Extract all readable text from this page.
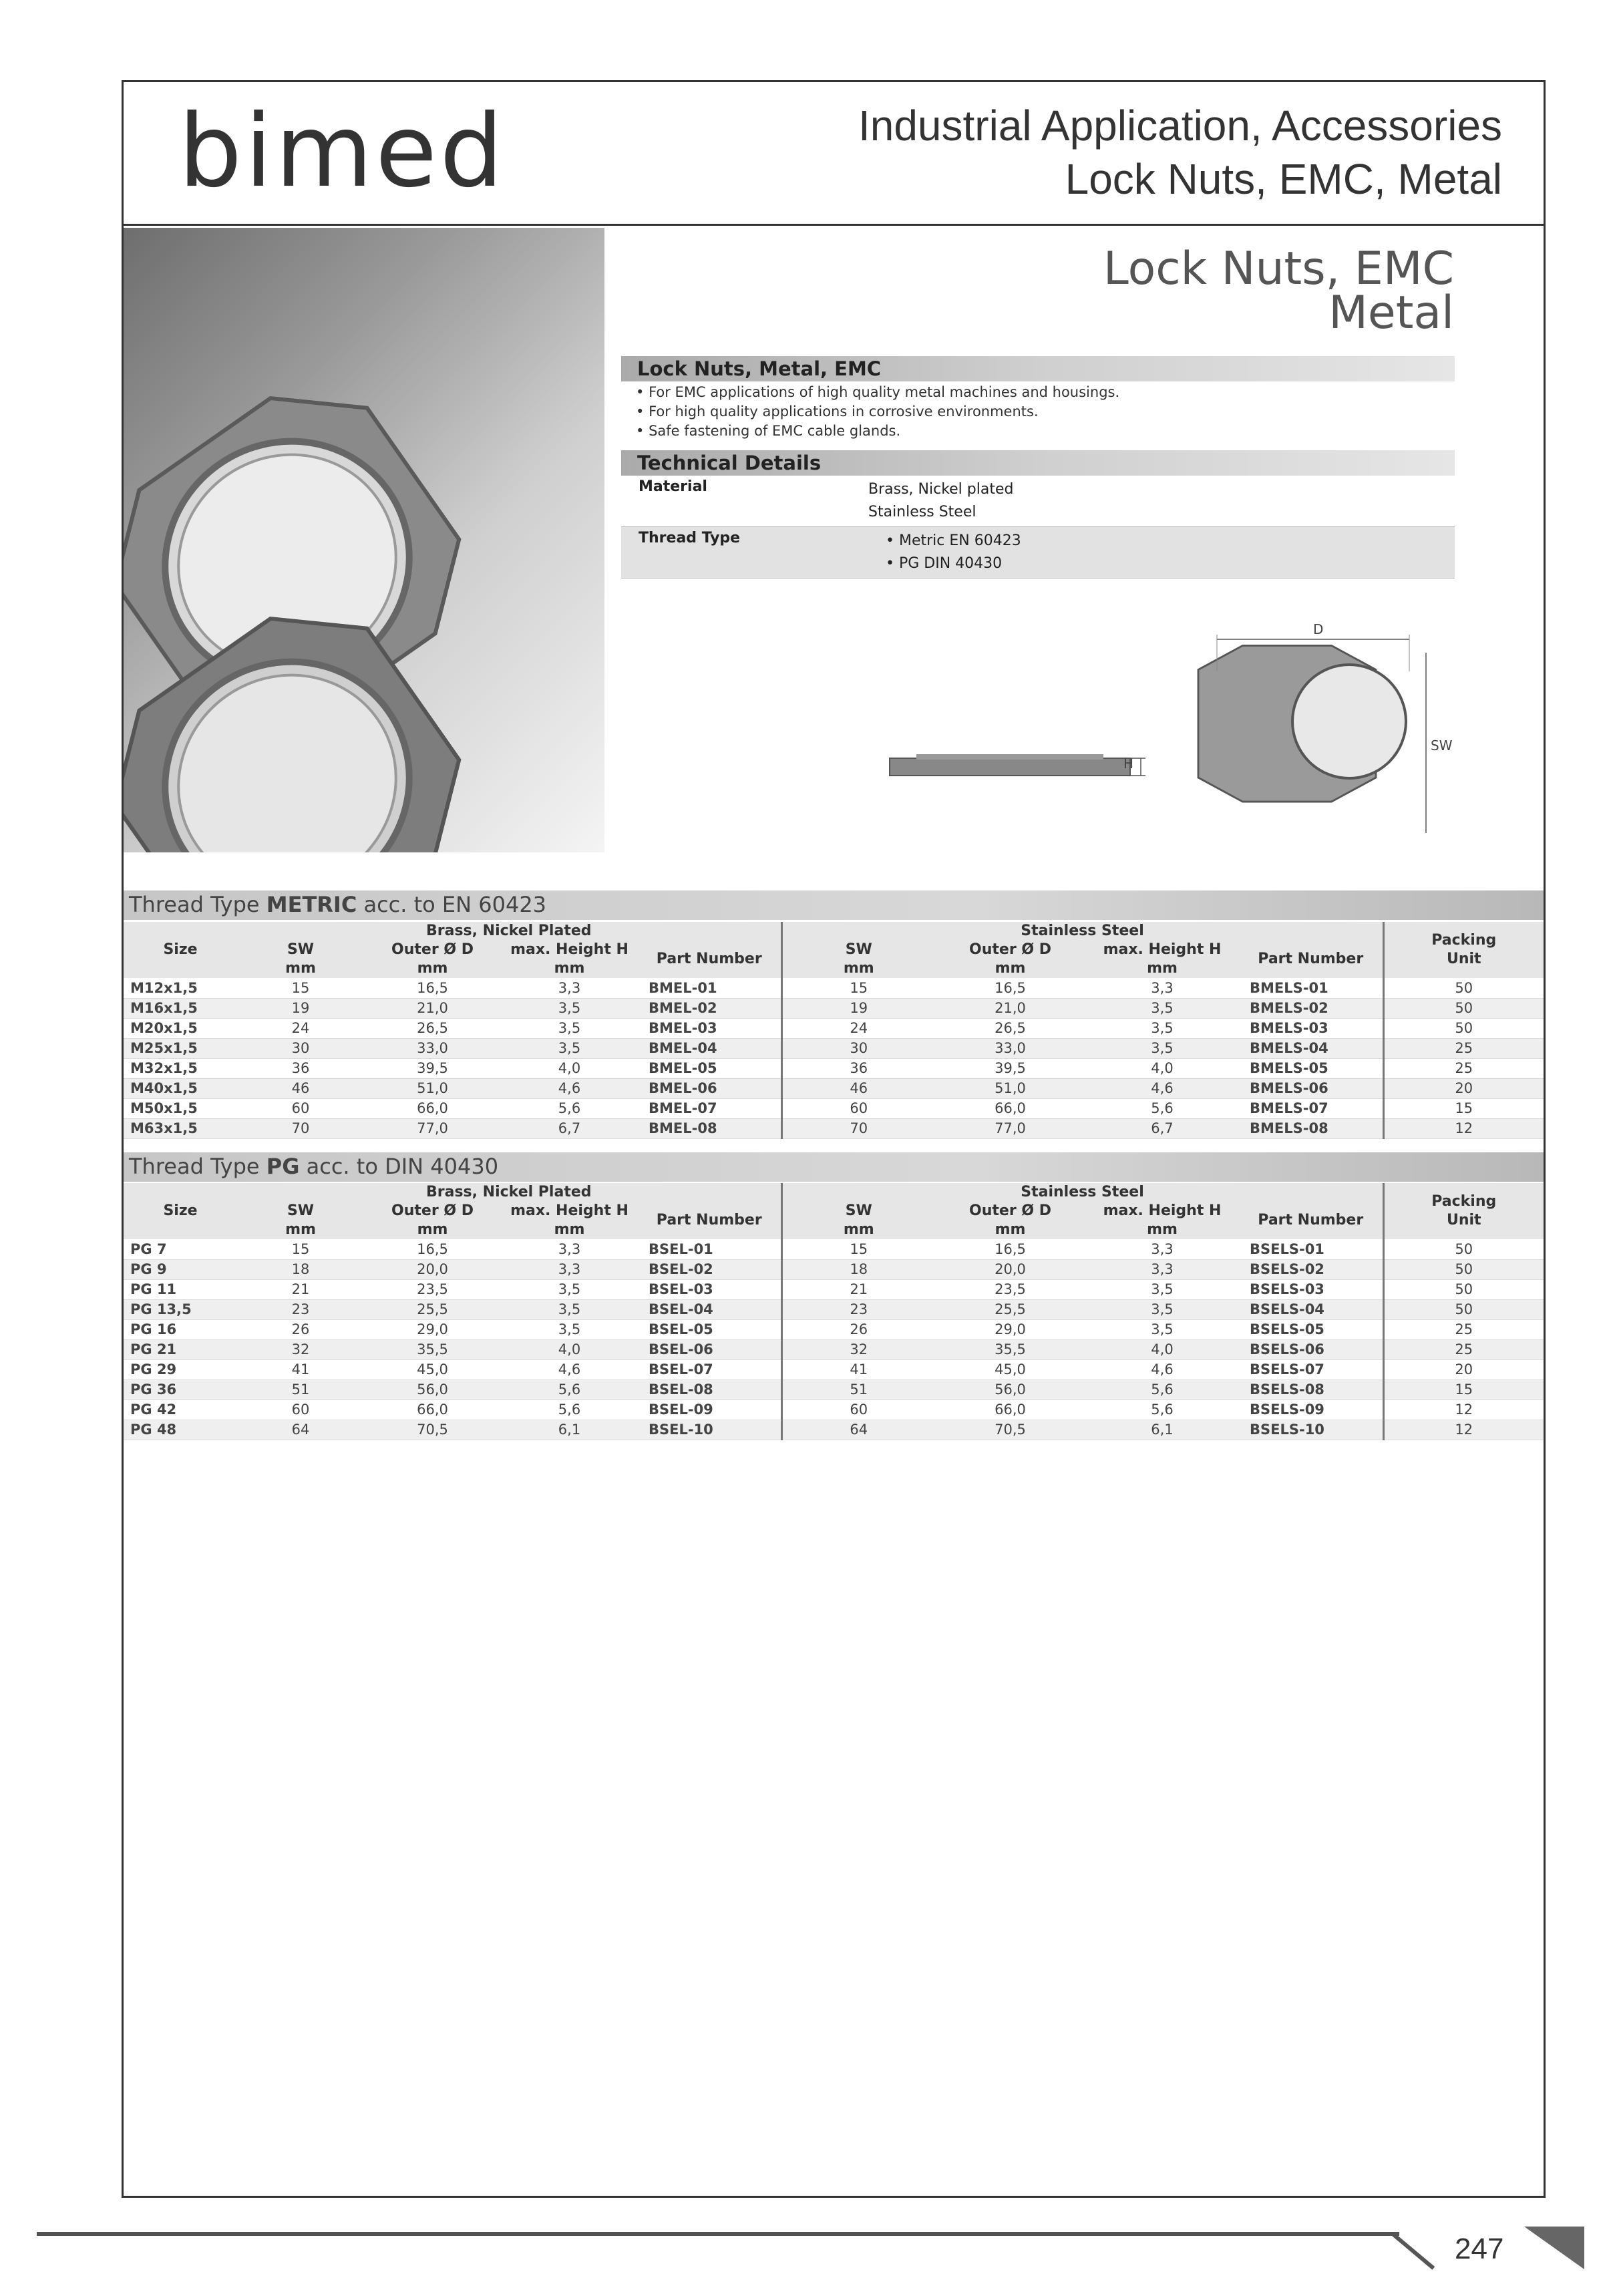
bimed	Industrial Application, Accessories
Lock Nuts, EMC, Metal
Lock Nuts, EMC
Metal
Lock Nuts, Metal, EMC
• For EMC applications of high quality metal machines and housings.
• For high quality applications in corrosive environments.
• Safe fastening of EMC cable glands.
Technical Details
Material	Brass, Nickel plated
Stainless Steel
Thread Type	• Metric EN 60423
• PG DIN 40430
H
D
SW
Thread Type METRIC acc. to EN 60423
Size	Brass, Nickel Plated				Stainless Steel				Packing
Unit
	SW	Outer Ø D	max. Height H	Part Number	SW	Outer Ø D	max. Height H	Part Number	
	mm	mm	mm		mm	mm	mm		
M12x1,5	15	16,5	3,3	BMEL-01	15	16,5	3,3	BMELS-01	50
M16x1,5	19	21,0	3,5	BMEL-02	19	21,0	3,5	BMELS-02	50
M20x1,5	24	26,5	3,5	BMEL-03	24	26,5	3,5	BMELS-03	50
M25x1,5	30	33,0	3,5	BMEL-04	30	33,0	3,5	BMELS-04	25
M32x1,5	36	39,5	4,0	BMEL-05	36	39,5	4,0	BMELS-05	25
M40x1,5	46	51,0	4,6	BMEL-06	46	51,0	4,6	BMELS-06	20
M50x1,5	60	66,0	5,6	BMEL-07	60	66,0	5,6	BMELS-07	15
M63x1,5	70	77,0	6,7	BMEL-08	70	77,0	6,7	BMELS-08	12
Thread Type PG acc. to DIN 40430
Size	Brass, Nickel Plated				Stainless Steel				Packing
Unit
	SW	Outer Ø D	max. Height H	Part Number	SW	Outer Ø D	max. Height H	Part Number	
	mm	mm	mm		mm	mm	mm		
PG 7	15	16,5	3,3	BSEL-01	15	16,5	3,3	BSELS-01	50
PG 9	18	20,0	3,3	BSEL-02	18	20,0	3,3	BSELS-02	50
PG 11	21	23,5	3,5	BSEL-03	21	23,5	3,5	BSELS-03	50
PG 13,5	23	25,5	3,5	BSEL-04	23	25,5	3,5	BSELS-04	50
PG 16	26	29,0	3,5	BSEL-05	26	29,0	3,5	BSELS-05	25
PG 21	32	35,5	4,0	BSEL-06	32	35,5	4,0	BSELS-06	25
PG 29	41	45,0	4,6	BSEL-07	41	45,0	4,6	BSELS-07	20
PG 36	51	56,0	5,6	BSEL-08	51	56,0	5,6	BSELS-08	15
PG 42	60	66,0	5,6	BSEL-09	60	66,0	5,6	BSELS-09	12
PG 48	64	70,5	6,1	BSEL-10	64	70,5	6,1	BSELS-10	12
247
